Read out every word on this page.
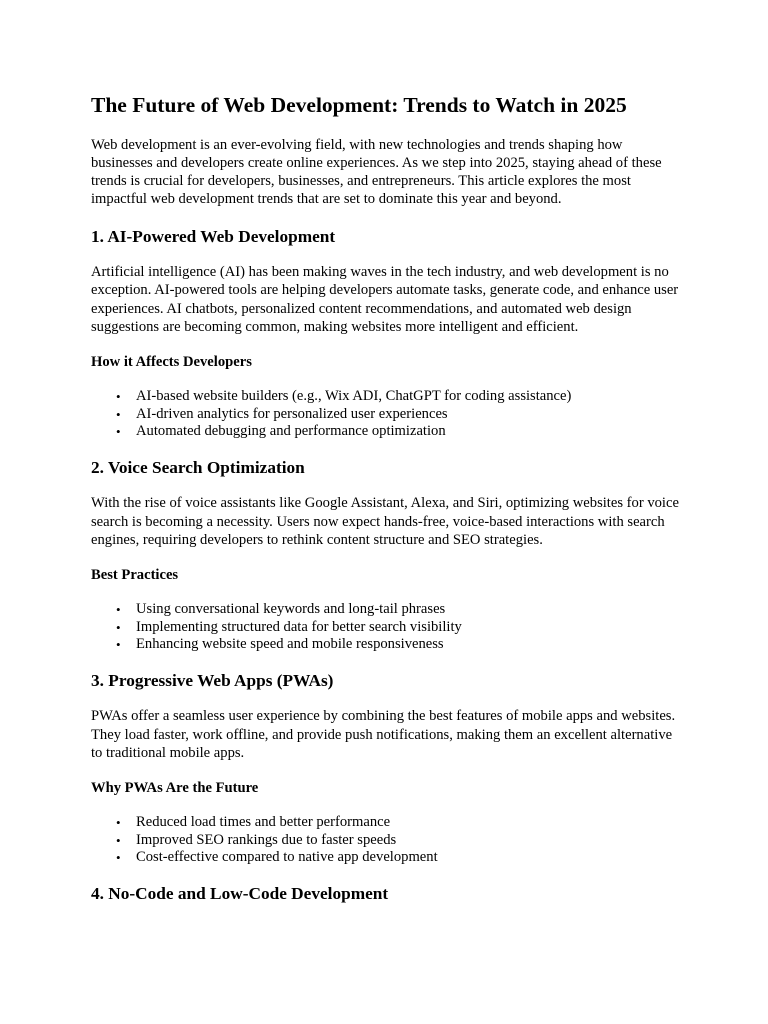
The Future of Web Development: Trends to Watch in 2025

Web development is an ever-evolving field, with new technologies and trends shaping how businesses and developers create online experiences. As we step into 2025, staying ahead of these trends is crucial for developers, businesses, and entrepreneurs. This article explores the most impactful web development trends that are set to dominate this year and beyond.

1. AI-Powered Web Development

Artificial intelligence (AI) has been making waves in the tech industry, and web development is no exception. AI-powered tools are helping developers automate tasks, generate code, and enhance user experiences. AI chatbots, personalized content recommendations, and automated web design suggestions are becoming common, making websites more intelligent and efficient.

How it Affects Developers
• AI-based website builders (e.g., Wix ADI, ChatGPT for coding assistance)
• AI-driven analytics for personalized user experiences
• Automated debugging and performance optimization
2. Voice Search Optimization

With the rise of voice assistants like Google Assistant, Alexa, and Siri, optimizing websites for voice search is becoming a necessity. Users now expect hands-free, voice-based interactions with search engines, requiring developers to rethink content structure and SEO strategies.

Best Practices
• Using conversational keywords and long-tail phrases
• Implementing structured data for better search visibility
• Enhancing website speed and mobile responsiveness
3. Progressive Web Apps (PWAs)

PWAs offer a seamless user experience by combining the best features of mobile apps and websites. They load faster, work offline, and provide push notifications, making them an excellent alternative to traditional mobile apps.

Why PWAs Are the Future
• Reduced load times and better performance
• Improved SEO rankings due to faster speeds
• Cost-effective compared to native app development
4. No-Code and Low-Code Development
